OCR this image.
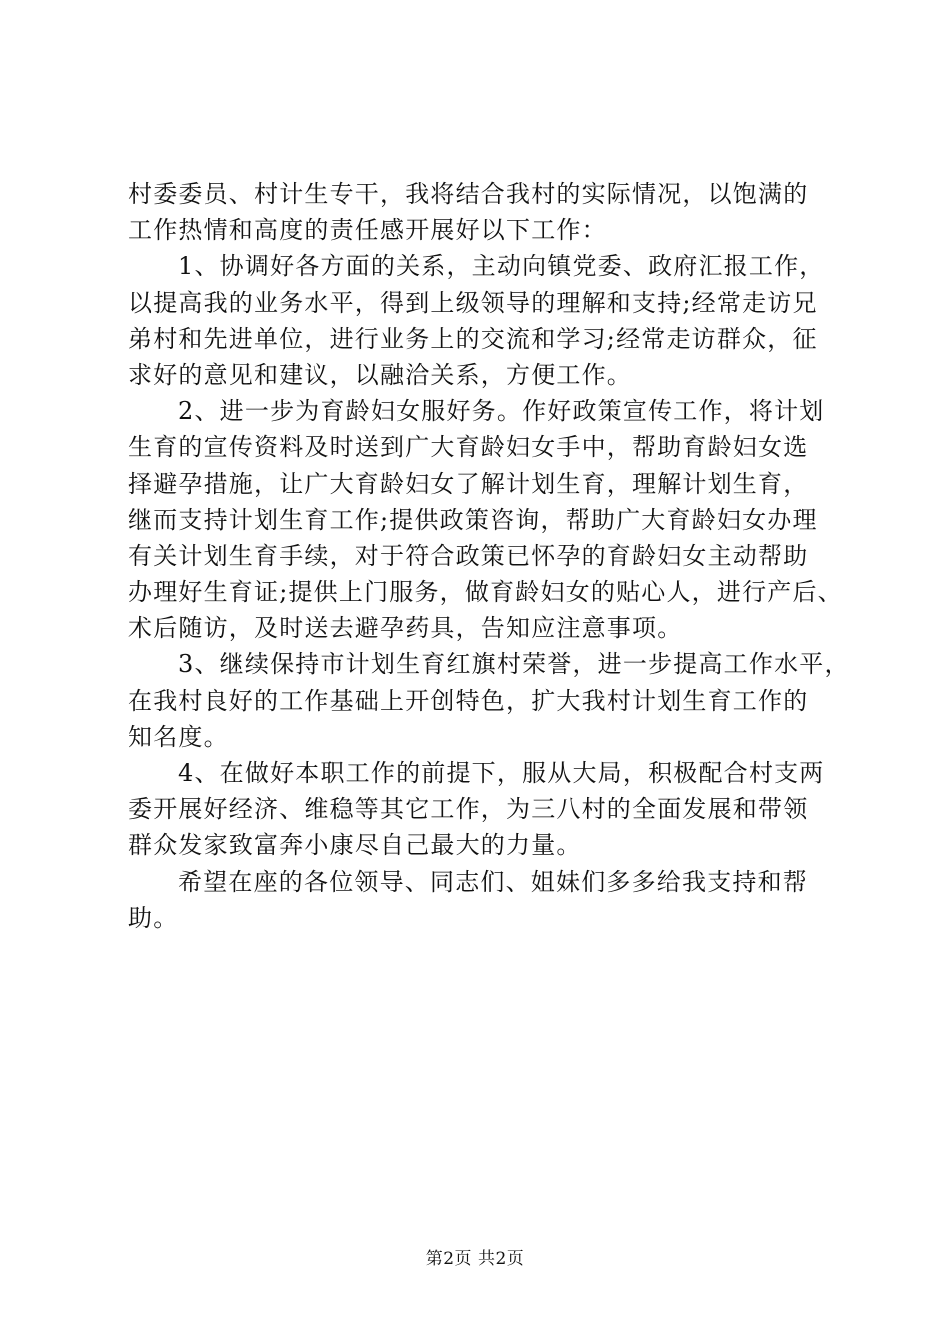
村委委员、村计生专干，我将结合我村的实际情况，以饱满的
工作热情和高度的责任感开展好以下工作：
1、协调好各方面的关系，主动向镇党委、政府汇报工作，
以提高我的业务水平，得到上级领导的理解和支持;经常走访兄
弟村和先进单位，进行业务上的交流和学习;经常走访群众，征
求好的意见和建议，以融洽关系，方便工作。
2、进一步为育龄妇女服好务。作好政策宣传工作，将计划
生育的宣传资料及时送到广大育龄妇女手中，帮助育龄妇女选
择避孕措施，让广大育龄妇女了解计划生育，理解计划生育，
继而支持计划生育工作;提供政策咨询，帮助广大育龄妇女办理
有关计划生育手续，对于符合政策已怀孕的育龄妇女主动帮助
办理好生育证;提供上门服务，做育龄妇女的贴心人，进行产后、
术后随访，及时送去避孕药具，告知应注意事项。
3、继续保持市计划生育红旗村荣誉，进一步提高工作水平，
在我村良好的工作基础上开创特色，扩大我村计划生育工作的
知名度。
4、在做好本职工作的前提下，服从大局，积极配合村支两
委开展好经济、维稳等其它工作，为三八村的全面发展和带领
群众发家致富奔小康尽自己最大的力量。
希望在座的各位领导、同志们、姐妹们多多给我支持和帮
助。
第2页 共2页
